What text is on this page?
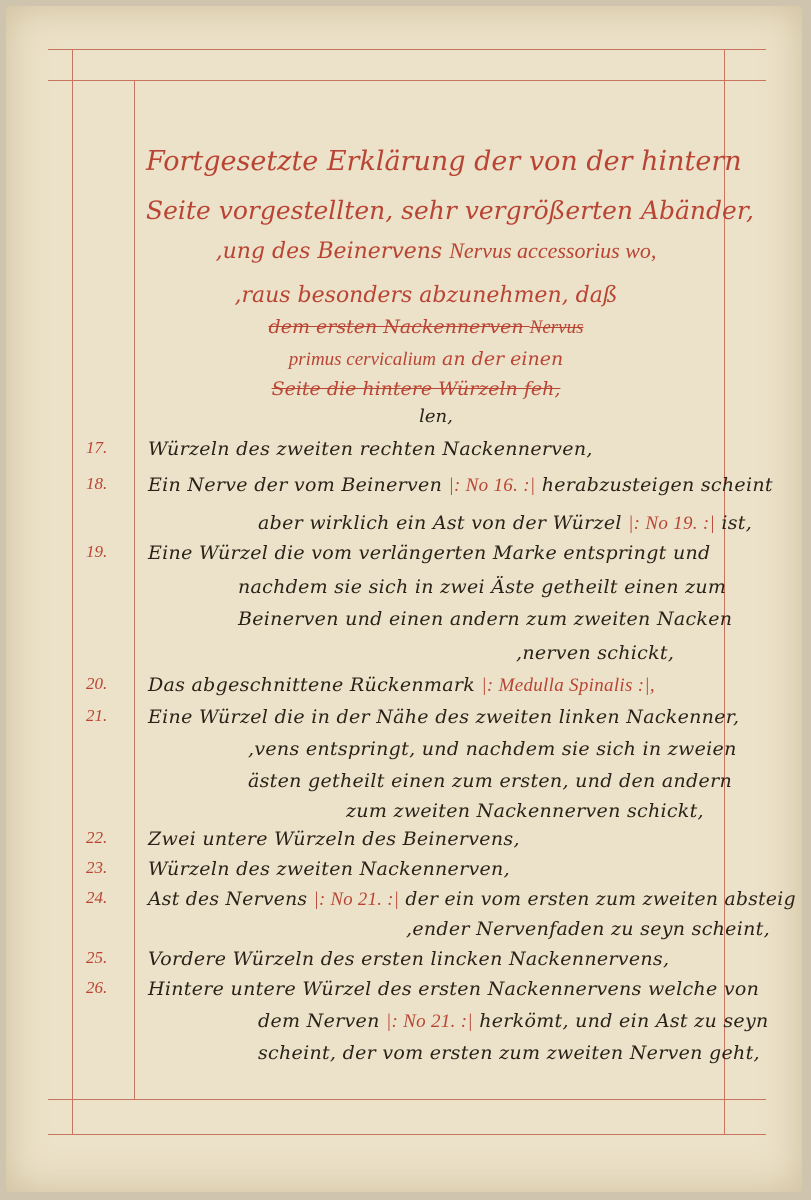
Fortgesetzte Erklärung der von der hintern
Seite vorgestellten, sehr vergrößerten Abänder,
,ung des Beinervens Nervus accessorius wo,
,raus besonders abzunehmen, daß
dem ersten Nackennerven Nervus
primus cervicalium an der einen
Seite die hintere Würzeln feh,
len,
17.	Würzeln des zweiten rechten Nackennerven,
18.	Ein Nerve der vom Beinerven |: No 16. :| herabzusteigen scheint
aber wirklich ein Ast von der Würzel |: No 19. :| ist,
19.	Eine Würzel die vom verlängerten Marke entspringt und
nachdem sie sich in zwei Äste getheilt einen zum
Beinerven und einen andern zum zweiten Nacken
,nerven schickt,
20.	Das abgeschnittene Rückenmark |: Medulla Spinalis :|,
21.	Eine Würzel die in der Nähe des zweiten linken Nackenner,
,vens entspringt, und nachdem sie sich in zweien
ästen getheilt einen zum ersten, und den andern
zum zweiten Nackennerven schickt,
22.	Zwei untere Würzeln des Beinervens,
23.	Würzeln des zweiten Nackennerven,
24.	Ast des Nervens |: No 21. :| der ein vom ersten zum zweiten absteig
,ender Nervenfaden zu seyn scheint,
25.	Vordere Würzeln des ersten lincken Nackennervens,
26.	Hintere untere Würzel des ersten Nackennervens welche von
dem Nerven |: No 21. :| herkömt, und ein Ast zu seyn
scheint, der vom ersten zum zweiten Nerven geht,
